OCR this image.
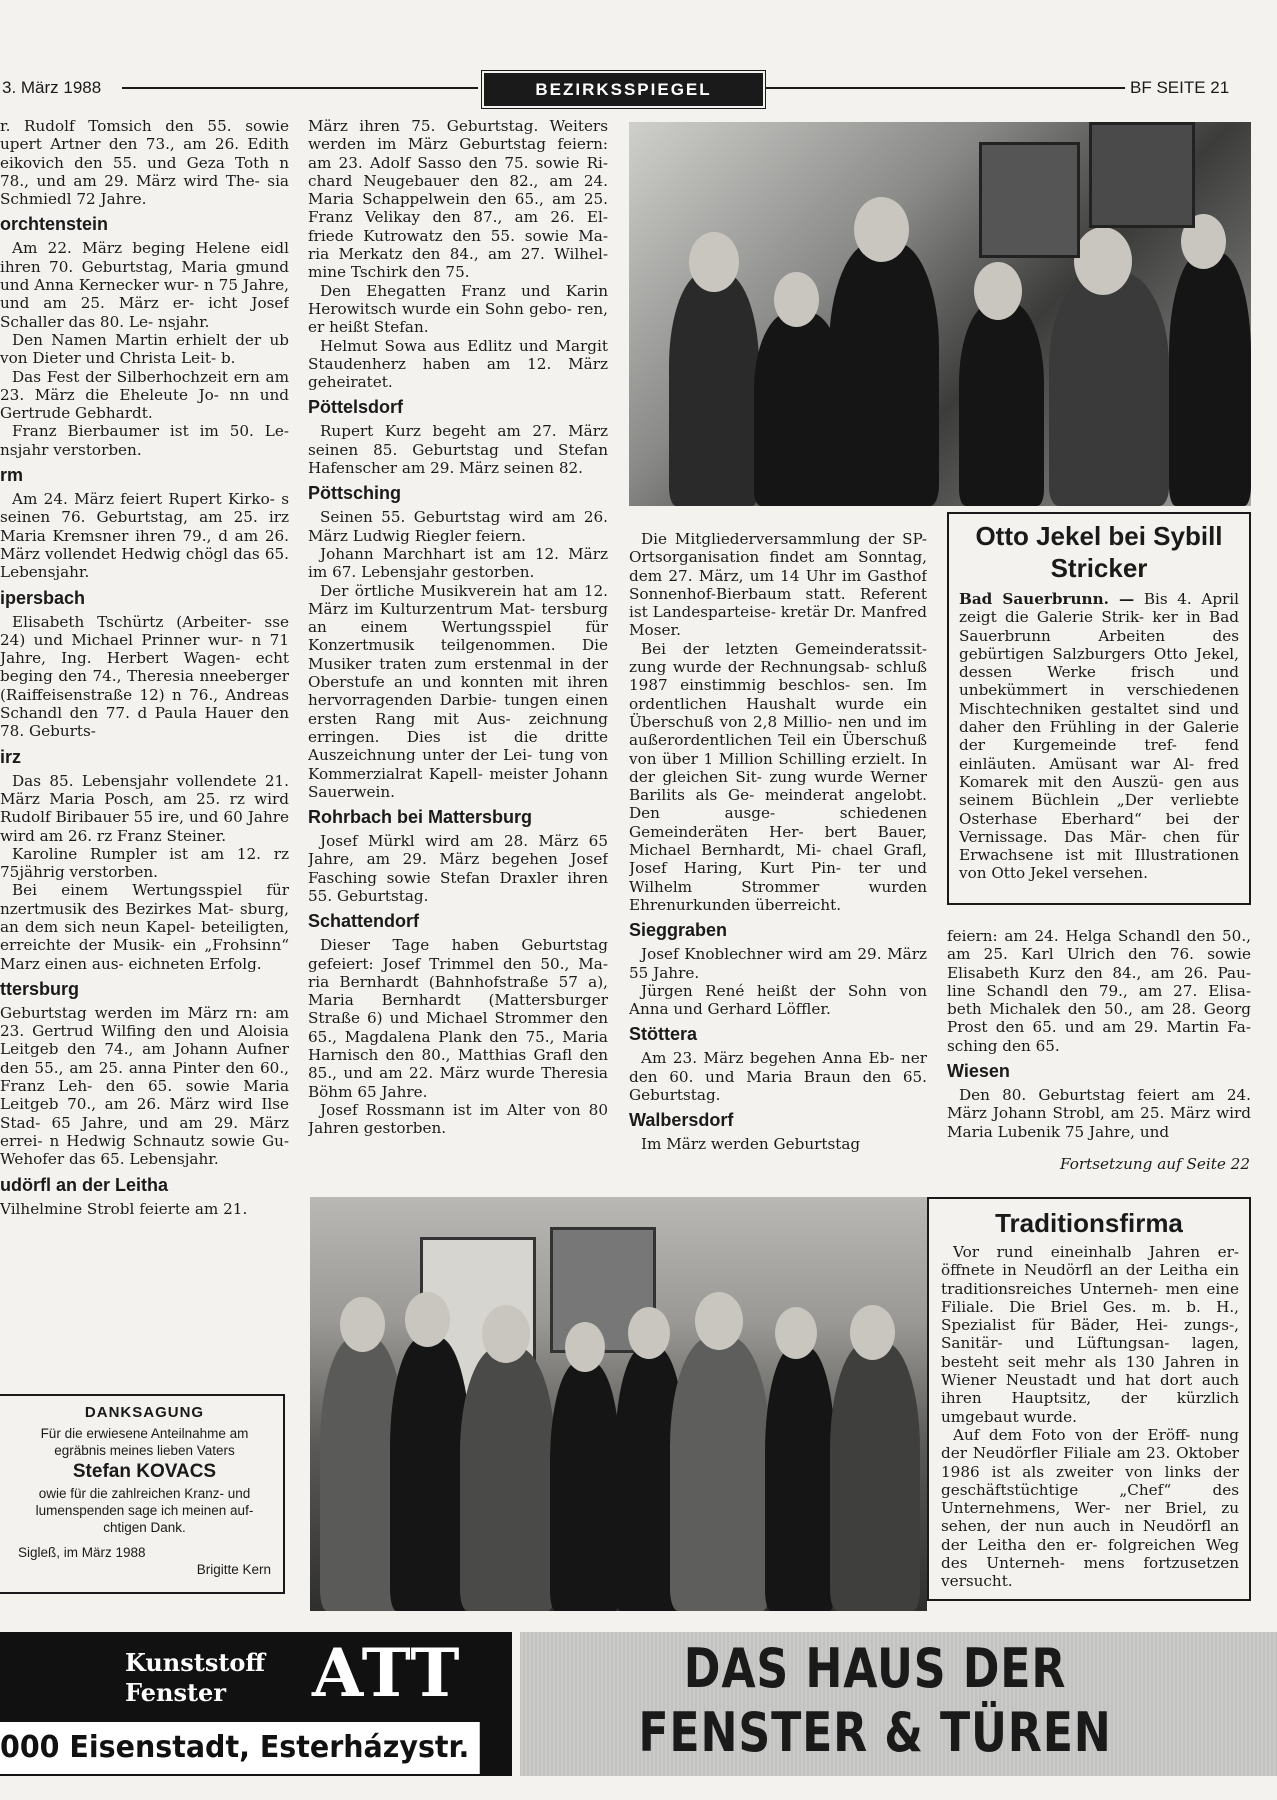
3. März 1988	BEZIRKSSPIEGEL	BF SEITE 21

r. Rudolf Tomsich den 55. sowie upert Artner den 73., am 26. Edith eikovich den 55. und Geza Toth n 78., und am 29. März wird The- sia Schmiedl 72 Jahre.

orchtenstein

Am 22. März beging Helene eidl ihren 70. Geburtstag, Maria gmund und Anna Kernecker wur- n 75 Jahre, und am 25. März er- icht Josef Schaller das 80. Le- nsjahr.

Den Namen Martin erhielt der ub von Dieter und Christa Leit- b.

Das Fest der Silberhochzeit ern am 23. März die Eheleute Jo- nn und Gertrude Gebhardt.

Franz Bierbaumer ist im 50. Le- nsjahr verstorben.

rm

Am 24. März feiert Rupert Kirko- s seinen 76. Geburtstag, am 25. irz Maria Kremsner ihren 79., d am 26. März vollendet Hedwig chögl das 65. Lebensjahr.

ipersbach

Elisabeth Tschürtz (Arbeiter- sse 24) und Michael Prinner wur- n 71 Jahre, Ing. Herbert Wagen- echt beging den 74., Theresia nneeberger (Raiffeisenstraße 12) n 76., Andreas Schandl den 77. d Paula Hauer den 78. Geburts-

irz

Das 85. Lebensjahr vollendete 21. März Maria Posch, am 25. rz wird Rudolf Biribauer 55 ire, und 60 Jahre wird am 26. rz Franz Steiner.

Karoline Rumpler ist am 12. rz 75jährig verstorben.

Bei einem Wertungsspiel für nzertmusik des Bezirkes Mat- sburg, an dem sich neun Kapel- beteiligten, erreichte der Musik- ein „Frohsinn“ Marz einen aus- eichneten Erfolg.

ttersburg

Geburtstag werden im März rn: am 23. Gertrud Wilfing den und Aloisia Leitgeb den 74., am Johann Aufner den 55., am 25. anna Pinter den 60., Franz Leh- den 65. sowie Maria Leitgeb 70., am 26. März wird Ilse Stad- 65 Jahre, und am 29. März errei- n Hedwig Schnautz sowie Gu- Wehofer das 65. Lebensjahr.

udörfl an der Leitha

Vilhelmine Strobl feierte am 21.

März ihren 75. Geburtstag. Weiters werden im März Geburtstag feiern: am 23. Adolf Sasso den 75. sowie Ri- chard Neugebauer den 82., am 24. Maria Schappelwein den 65., am 25. Franz Velikay den 87., am 26. El- friede Kutrowatz den 55. sowie Ma- ria Merkatz den 84., am 27. Wilhel- mine Tschirk den 75.

Den Ehegatten Franz und Karin Herowitsch wurde ein Sohn gebo- ren, er heißt Stefan.

Helmut Sowa aus Edlitz und Margit Staudenherz haben am 12. März geheiratet.

Pöttelsdorf

Rupert Kurz begeht am 27. März seinen 85. Geburtstag und Stefan Hafenscher am 29. März seinen 82.

Pöttsching

Seinen 55. Geburtstag wird am 26. März Ludwig Riegler feiern.

Johann Marchhart ist am 12. März im 67. Lebensjahr gestorben.

Der örtliche Musikverein hat am 12. März im Kulturzentrum Mat- tersburg an einem Wertungsspiel für Konzertmusik teilgenommen. Die Musiker traten zum erstenmal in der Oberstufe an und konnten mit ihren hervorragenden Darbie- tungen einen ersten Rang mit Aus- zeichnung erringen. Dies ist die dritte Auszeichnung unter der Lei- tung von Kommerzialrat Kapell- meister Johann Sauerwein.

Rohrbach bei Mattersburg

Josef Mürkl wird am 28. März 65 Jahre, am 29. März begehen Josef Fasching sowie Stefan Draxler ihren 55. Geburtstag.

Schattendorf

Dieser Tage haben Geburtstag gefeiert: Josef Trimmel den 50., Ma- ria Bernhardt (Bahnhofstraße 57 a), Maria Bernhardt (Mattersburger Straße 6) und Michael Strommer den 65., Magdalena Plank den 75., Maria Harnisch den 80., Matthias Grafl den 85., und am 22. März wurde Theresia Böhm 65 Jahre.

Josef Rossmann ist im Alter von 80 Jahren gestorben.

Die Mitgliederversammlung der SP-Ortsorganisation findet am Sonntag, dem 27. März, um 14 Uhr im Gasthof Sonnenhof-Bierbaum statt. Referent ist Landesparteise- kretär Dr. Manfred Moser.

Bei der letzten Gemeinderatssit- zung wurde der Rechnungsab- schluß 1987 einstimmig beschlos- sen. Im ordentlichen Haushalt wurde ein Überschuß von 2,8 Millio- nen und im außerordentlichen Teil ein Überschuß von über 1 Million Schilling erzielt. In der gleichen Sit- zung wurde Werner Barilits als Ge- meinderat angelobt. Den ausge- schiedenen Gemeinderäten Her- bert Bauer, Michael Bernhardt, Mi- chael Grafl, Josef Haring, Kurt Pin- ter und Wilhelm Strommer wurden Ehrenurkunden überreicht.

Sieggraben

Josef Knoblechner wird am 29. März 55 Jahre.

Jürgen René heißt der Sohn von Anna und Gerhard Löffler.

Stöttera

Am 23. März begehen Anna Eb- ner den 60. und Maria Braun den 65. Geburtstag.

Walbersdorf

Im März werden Geburtstag

Otto Jekel bei Sybill Stricker

Bad Sauerbrunn. — Bis 4. April zeigt die Galerie Strik- ker in Bad Sauerbrunn Arbeiten des gebürtigen Salzburgers Otto Jekel, dessen Werke frisch und unbekümmert in verschiedenen Mischtechniken gestaltet sind und daher den Frühling in der Galerie der Kurgemeinde tref- fend einläuten. Amüsant war Al- fred Komarek mit den Auszü- gen aus seinem Büchlein „Der verliebte Osterhase Eberhard“ bei der Vernissage. Das Mär- chen für Erwachsene ist mit Illustrationen von Otto Jekel versehen.

feiern: am 24. Helga Schandl den 50., am 25. Karl Ulrich den 76. sowie Elisabeth Kurz den 84., am 26. Pau- line Schandl den 79., am 27. Elisa- beth Michalek den 50., am 28. Georg Prost den 65. und am 29. Martin Fa- sching den 65.

Wiesen

Den 80. Geburtstag feiert am 24. März Johann Strobl, am 25. März wird Maria Lubenik 75 Jahre, und

Fortsetzung auf Seite 22
Traditionsfirma

Vor rund eineinhalb Jahren er- öffnete in Neudörfl an der Leitha ein traditionsreiches Unterneh- men eine Filiale. Die Briel Ges. m. b. H., Spezialist für Bäder, Hei- zungs-, Sanitär- und Lüftungsan- lagen, besteht seit mehr als 130 Jahren in Wiener Neustadt und hat dort auch ihren Hauptsitz, der kürzlich umgebaut wurde.

Auf dem Foto von der Eröff- nung der Neudörfler Filiale am 23. Oktober 1986 ist als zweiter von links der geschäftstüchtige „Chef“ des Unternehmens, Wer- ner Briel, zu sehen, der nun auch in Neudörfl an der Leitha den er- folgreichen Weg des Unterneh- mens fortzusetzen versucht.

DANKSAGUNG
Für die erwiesene Anteilnahme am egräbnis meines lieben Vaters
Stefan KOVACS
owie für die zahlreichen Kranz- und lumenspenden sage ich meinen auf- chtigen Dank.
Sigleß, im März 1988
Brigitte Kern
Kunststoff
Fenster ATT
000 Eisenstadt, Esterházystr. 2
DAS HAUS DER
FENSTER & TÜREN
